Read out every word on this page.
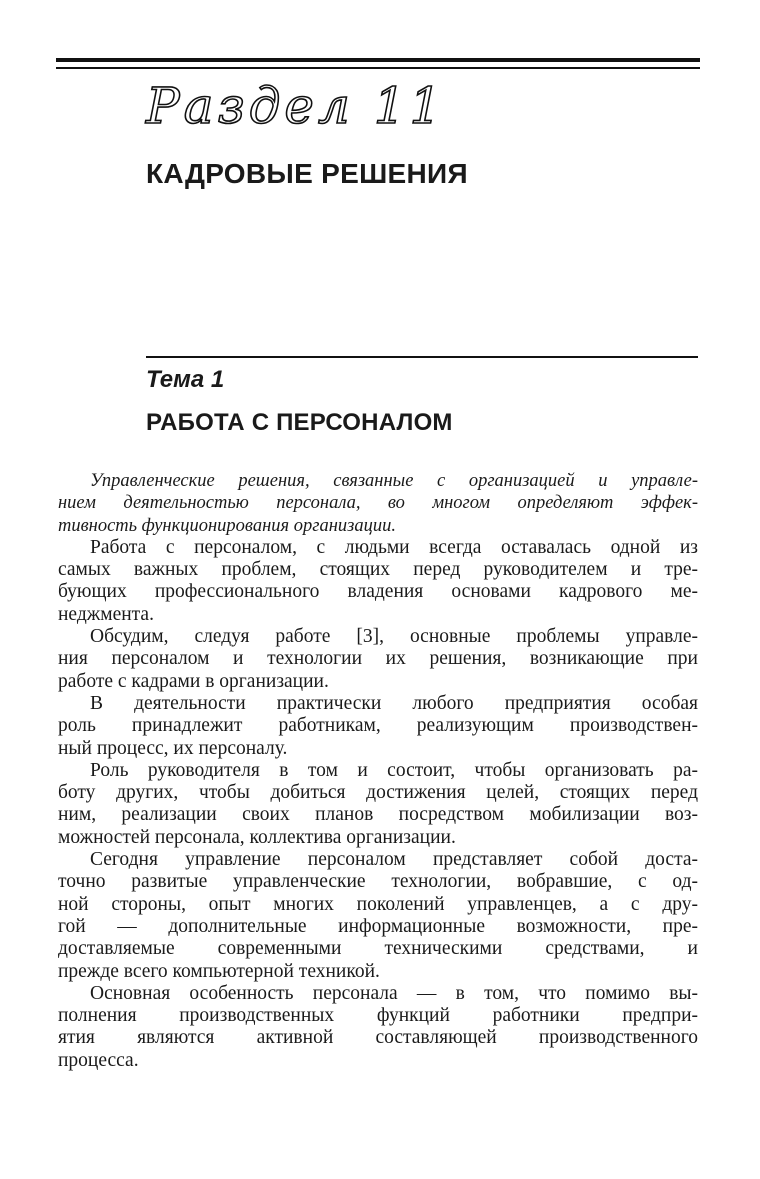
Раздел 11
КАДРОВЫЕ РЕШЕНИЯ
Тема 1
РАБОТА С ПЕРСОНАЛОМ
Управленческие решения, связанные с организацией и управле-
нием деятельностью персонала, во многом определяют эффек-
тивность функционирования организации.
Работа с персоналом, с людьми всегда оставалась одной из
самых важных проблем, стоящих перед руководителем и тре-
бующих профессионального владения основами кадрового ме-
неджмента.
Обсудим, следуя работе [3], основные проблемы управле-
ния персоналом и технологии их решения, возникающие при
работе с кадрами в организации.
В деятельности практически любого предприятия особая
роль принадлежит работникам, реализующим производствен-
ный процесс, их персоналу.
Роль руководителя в том и состоит, чтобы организовать ра-
боту других, чтобы добиться достижения целей, стоящих перед
ним, реализации своих планов посредством мобилизации воз-
можностей персонала, коллектива организации.
Сегодня управление персоналом представляет собой доста-
точно развитые управленческие технологии, вобравшие, с од-
ной стороны, опыт многих поколений управленцев, а с дру-
гой — дополнительные информационные возможности, пре-
доставляемые современными техническими средствами, и
прежде всего компьютерной техникой.
Основная особенность персонала — в том, что помимо вы-
полнения производственных функций работники предпри-
ятия являются активной составляющей производственного
процесса.
